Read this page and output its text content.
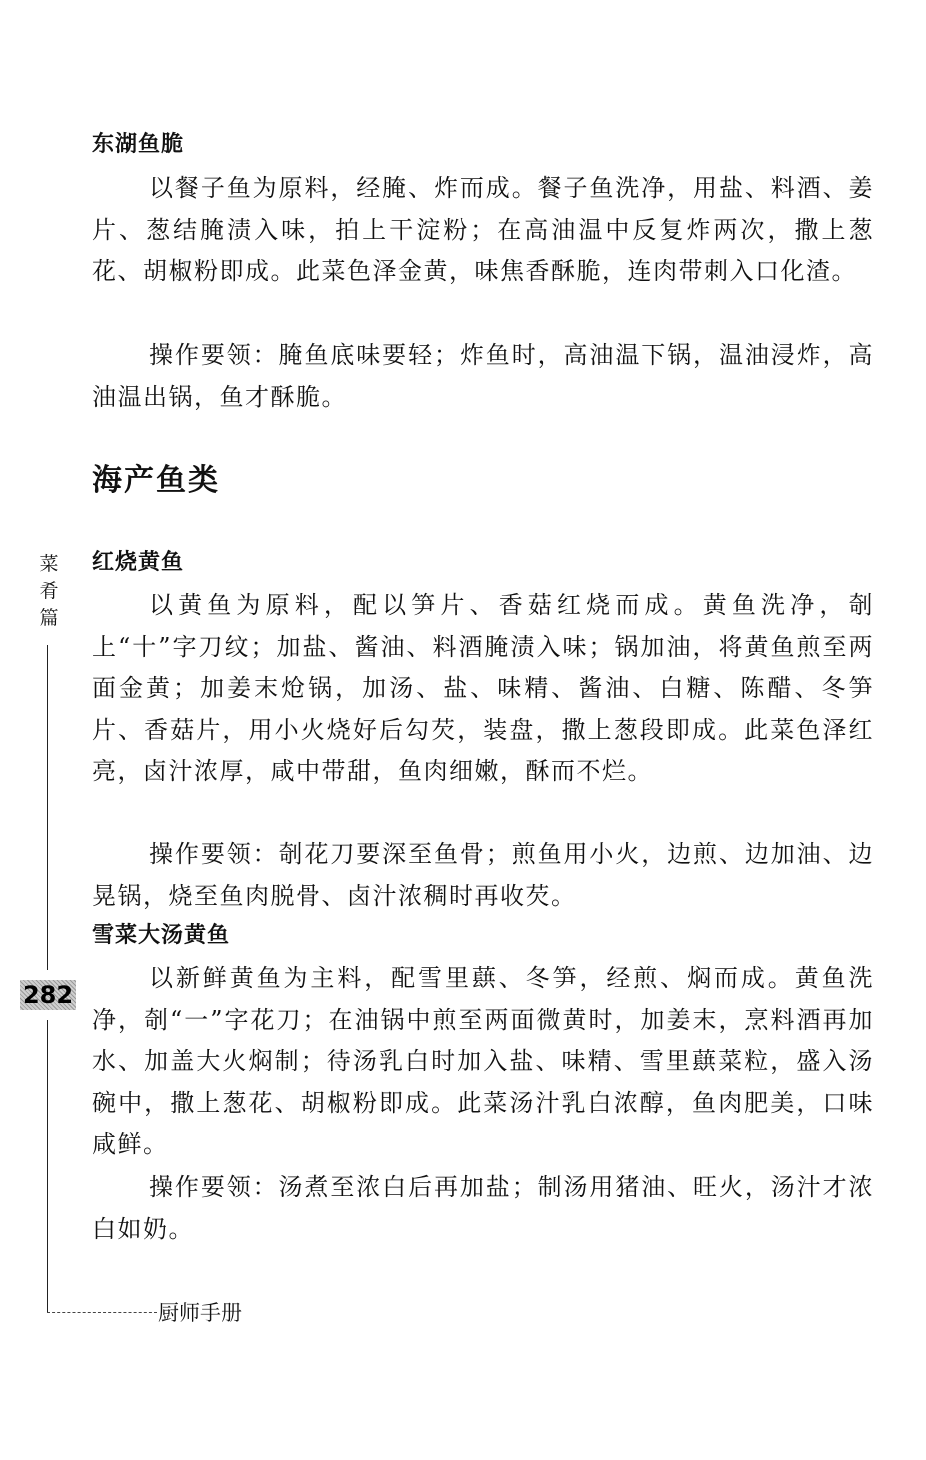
东湖鱼脆

以餐子鱼为原料，经腌、炸而成。餐子鱼洗净，用盐、料酒、姜片、葱结腌渍入味，拍上干淀粉；在高油温中反复炸两次，撒上葱花、胡椒粉即成。此菜色泽金黄，味焦香酥脆，连肉带刺入口化渣。

操作要领：腌鱼底味要轻；炸鱼时，高油温下锅，温油浸炸，高油温出锅，鱼才酥脆。

海产鱼类
红烧黄鱼

以黄鱼为原料，配以笋片、香菇红烧而成。黄鱼洗净，剞上“十”字刀纹；加盐、酱油、料酒腌渍入味；锅加油，将黄鱼煎至两面金黄；加姜末炝锅，加汤、盐、味精、酱油、白糖、陈醋、冬笋片、香菇片，用小火烧好后勾芡，装盘，撒上葱段即成。此菜色泽红亮，卤汁浓厚，咸中带甜，鱼肉细嫩，酥而不烂。

操作要领：剞花刀要深至鱼骨；煎鱼用小火，边煎、边加油、边晃锅，烧至鱼肉脱骨、卤汁浓稠时再收芡。

雪菜大汤黄鱼

以新鲜黄鱼为主料，配雪里蕻、冬笋，经煎、焖而成。黄鱼洗净，剞“一”字花刀；在油锅中煎至两面微黄时，加姜末，烹料酒再加水、加盖大火焖制；待汤乳白时加入盐、味精、雪里蕻菜粒，盛入汤碗中，撒上葱花、胡椒粉即成。此菜汤汁乳白浓醇，鱼肉肥美，口味咸鲜。

操作要领：汤煮至浓白后再加盐；制汤用猪油、旺火，汤汁才浓白如奶。

菜肴篇
282
厨师手册
